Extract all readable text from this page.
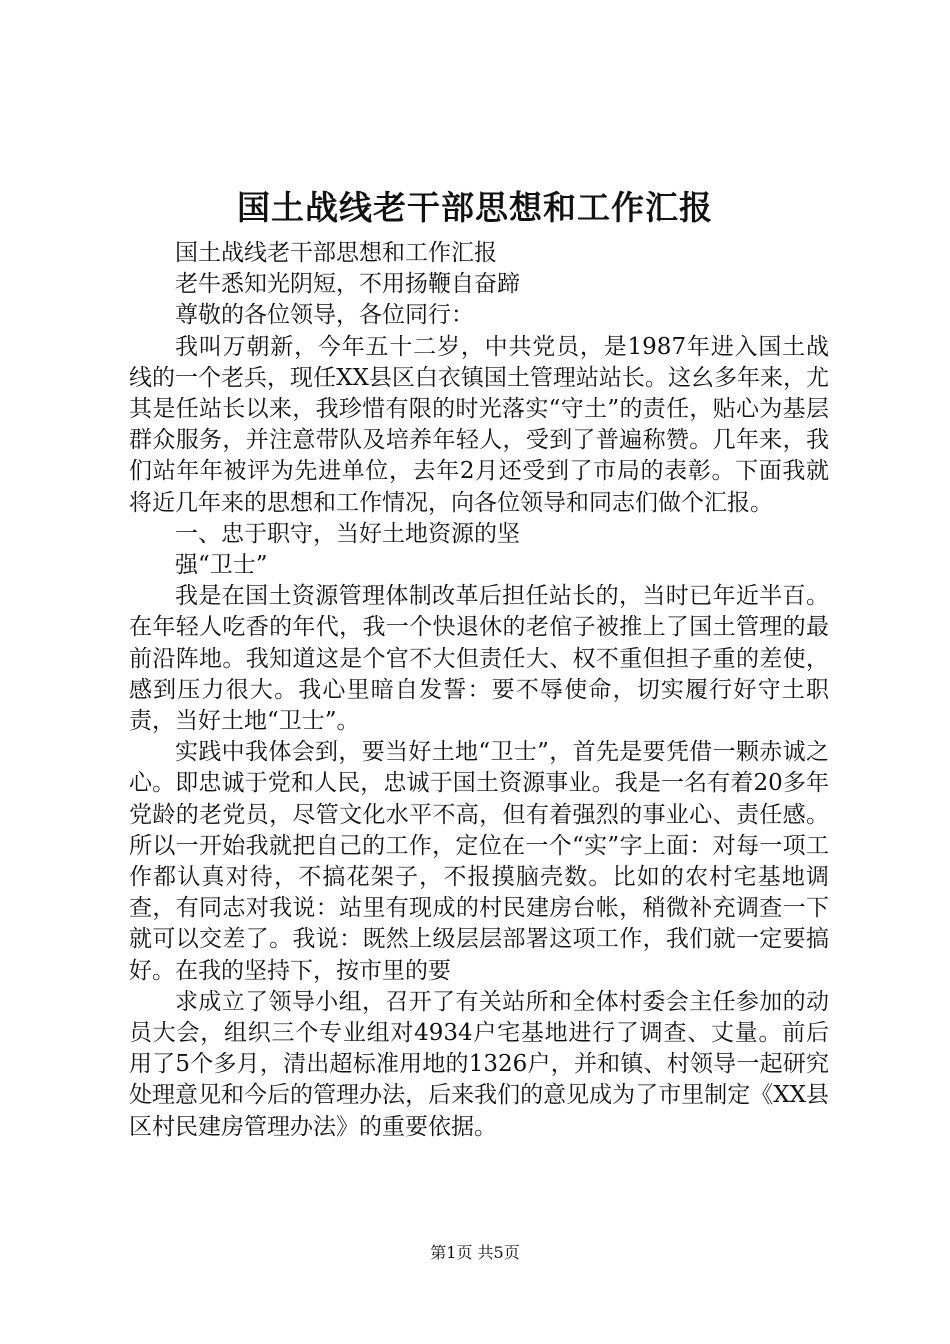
国土战线老干部思想和工作汇报

国土战线老干部思想和工作汇报

老牛悉知光阴短，不用扬鞭自奋蹄

尊敬的各位领导，各位同行：

我叫万朝新，今年五十二岁，中共党员，是1987年进入国土战线的一个老兵，现任XX县区白衣镇国土管理站站长。这幺多年来，尤其是任站长以来，我珍惜有限的时光落实“守土”的责任，贴心为基层群众服务，并注意带队及培养年轻人，受到了普遍称赞。几年来，我们站年年被评为先进单位，去年2月还受到了市局的表彰。下面我就将近几年来的思想和工作情况，向各位领导和同志们做个汇报。

一、忠于职守，当好土地资源的坚

强“卫士”

我是在国土资源管理体制改革后担任站长的，当时已年近半百。在年轻人吃香的年代，我一个快退休的老倌子被推上了国土管理的最前沿阵地。我知道这是个官不大但责任大、权不重但担子重的差使，感到压力很大。我心里暗自发誓：要不辱使命，切实履行好守土职责，当好土地“卫士”。

实践中我体会到，要当好土地“卫士”，首先是要凭借一颗赤诚之心。即忠诚于党和人民，忠诚于国土资源事业。我是一名有着20多年党龄的老党员，尽管文化水平不高，但有着强烈的事业心、责任感。所以一开始我就把自己的工作，定位在一个“实”字上面：对每一项工作都认真对待，不搞花架子，不报摸脑壳数。比如的农村宅基地调查，有同志对我说：站里有现成的村民建房台帐，稍微补充调查一下就可以交差了。我说：既然上级层层部署这项工作，我们就一定要搞好。在我的坚持下，按市里的要

求成立了领导小组，召开了有关站所和全体村委会主任参加的动员大会，组织三个专业组对4934户宅基地进行了调查、丈量。前后用了5个多月，清出超标准用地的1326户，并和镇、村领导一起研究处理意见和今后的管理办法，后来我们的意见成为了市里制定《XX县区村民建房管理办法》的重要依据。

第1页 共5页
